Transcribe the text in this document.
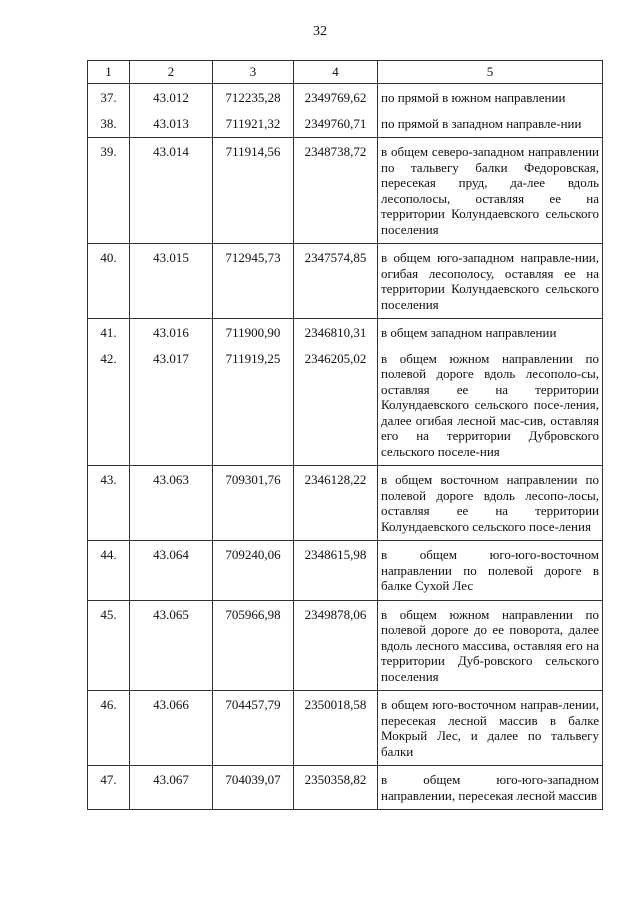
32
1	2	3	4	5
37.	43.012	712235,28	2349769,62	по прямой в южном направлении
38.	43.013	711921,32	2349760,71	по прямой в западном направле-нии
39.	43.014	711914,56	2348738,72	в общем северо-западном направлении по тальвегу балки Федоровская, пересекая пруд, да-лее вдоль лесополосы, оставляя ее на территории Колундаевского сельского поселения
40.	43.015	712945,73	2347574,85	в общем юго-западном направле-нии, огибая лесополосу, оставляя ее на территории Колундаевского сельского поселения
41.	43.016	711900,90	2346810,31	в общем западном направлении
42.	43.017	711919,25	2346205,02	в общем южном направлении по полевой дороге вдоль лесополо-сы, оставляя ее на территории Колундаевского сельского посе-ления, далее огибая лесной мас-сив, оставляя его на территории Дубровского сельского поселе-ния
43.	43.063	709301,76	2346128,22	в общем восточном направлении по полевой дороге вдоль лесопо-лосы, оставляя ее на территории Колундаевского сельского посе-ления
44.	43.064	709240,06	2348615,98	в общем юго-юго-восточном направлении по полевой дороге в балке Сухой Лес
45.	43.065	705966,98	2349878,06	в общем южном направлении по полевой дороге до ее поворота, далее вдоль лесного массива, оставляя его на территории Дуб-ровского сельского поселения
46.	43.066	704457,79	2350018,58	в общем юго-восточном направ-лении, пересекая лесной массив в балке Мокрый Лес, и далее по тальвегу балки
47.	43.067	704039,07	2350358,82	в общем юго-юго-западном направлении, пересекая лесной массив
